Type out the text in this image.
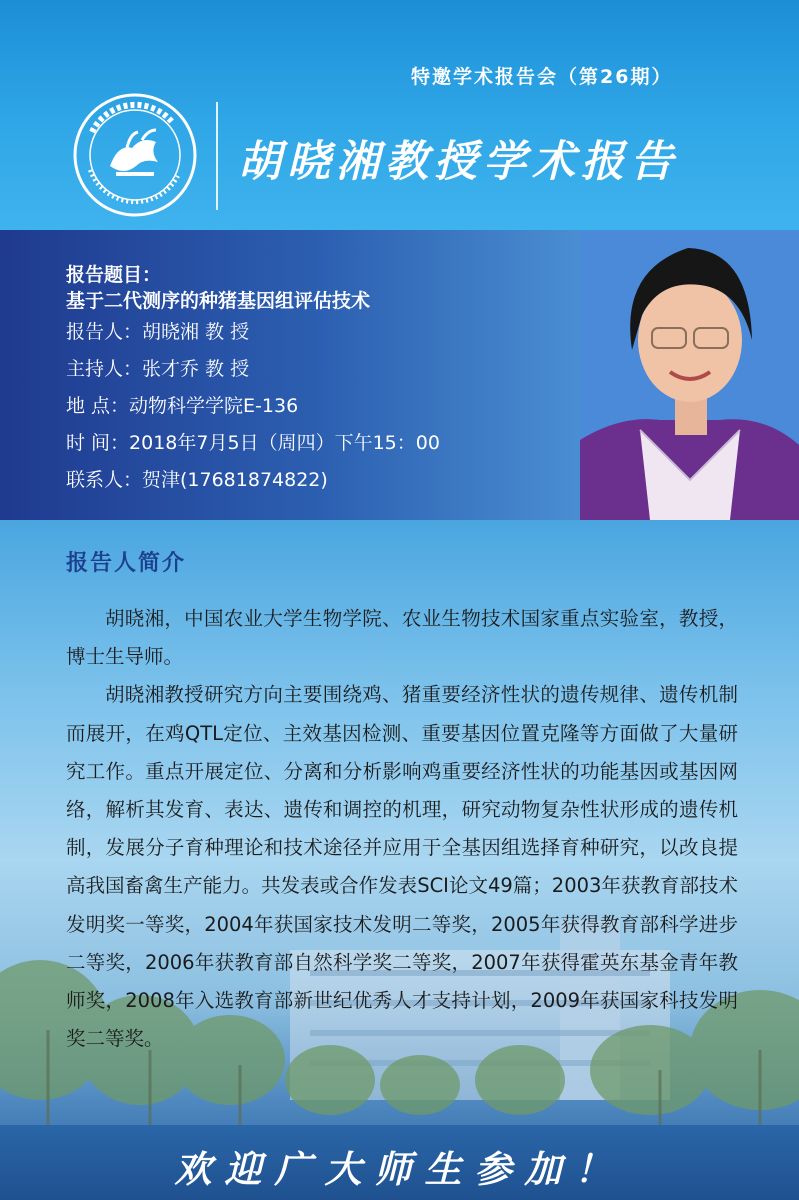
特邀学术报告会（第26期）
胡晓湘教授学术报告
报告题目：
基于二代测序的种猪基因组评估技术
报告人：胡晓湘 教 授
主持人：张才乔 教 授
地 点：动物科学学院E-136
时 间：2018年7月5日（周四）下午15：00
联系人：贺津(17681874822)
报告人简介

胡晓湘，中国农业大学生物学院、农业生物技术国家重点实验室，教授，博士生导师。

胡晓湘教授研究方向主要围绕鸡、猪重要经济性状的遗传规律、遗传机制而展开，在鸡QTL定位、主效基因检测、重要基因位置克隆等方面做了大量研究工作。重点开展定位、分离和分析影响鸡重要经济性状的功能基因或基因网络，解析其发育、表达、遗传和调控的机理，研究动物复杂性状形成的遗传机制，发展分子育种理论和技术途径并应用于全基因组选择育种研究，以改良提高我国畜禽生产能力。共发表或合作发表SCI论文49篇；2003年获教育部技术发明奖一等奖，2004年获国家技术发明二等奖，2005年获得教育部科学进步二等奖，2006年获教育部自然科学奖二等奖，2007年获得霍英东基金青年教师奖，2008年入选教育部新世纪优秀人才支持计划，2009年获国家科技发明奖二等奖。

欢迎广大师生参加！
